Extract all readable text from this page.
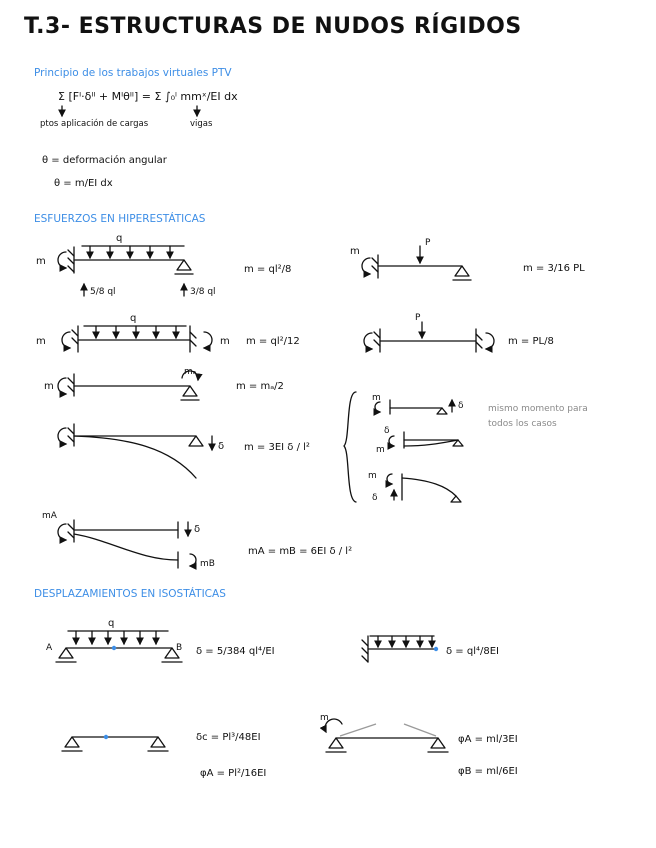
T.3- ESTRUCTURAS DE NUDOS RÍGIDOS
Principio de los trabajos virtuales PTV
Σ [Fᴵ·δᴵᴵ + Mᴵθᴵᴵ] = Σ ∫₀ˡ mmˣ/EI dx
ptos aplicación de cargas	vigas
θ = deformación angular
θ = m/EI dx
ESFUERZOS EN HIPERESTÁTICAS
q
m
5/8 ql	3/8 ql
m = ql²/8
P
m
m = 3/16 PL
q
m	m m = ql²/12
P
m = PL/8
m
mₐ
m = mₐ/2
δ m = 3EI δ / l²
m
δ
δ
m
m
δ
mismo momento para todos los casos
mA
δ
mB
mA = mB = 6EI δ / l²
DESPLAZAMIENTOS EN ISOSTÁTICAS
q
A	B δ = 5/384 ql⁴/EI	δ = ql⁴/8EI
δc = Pl³/48EI
φA = Pl²/16EI
m
φA = ml/3EI
φB = ml/6EI
